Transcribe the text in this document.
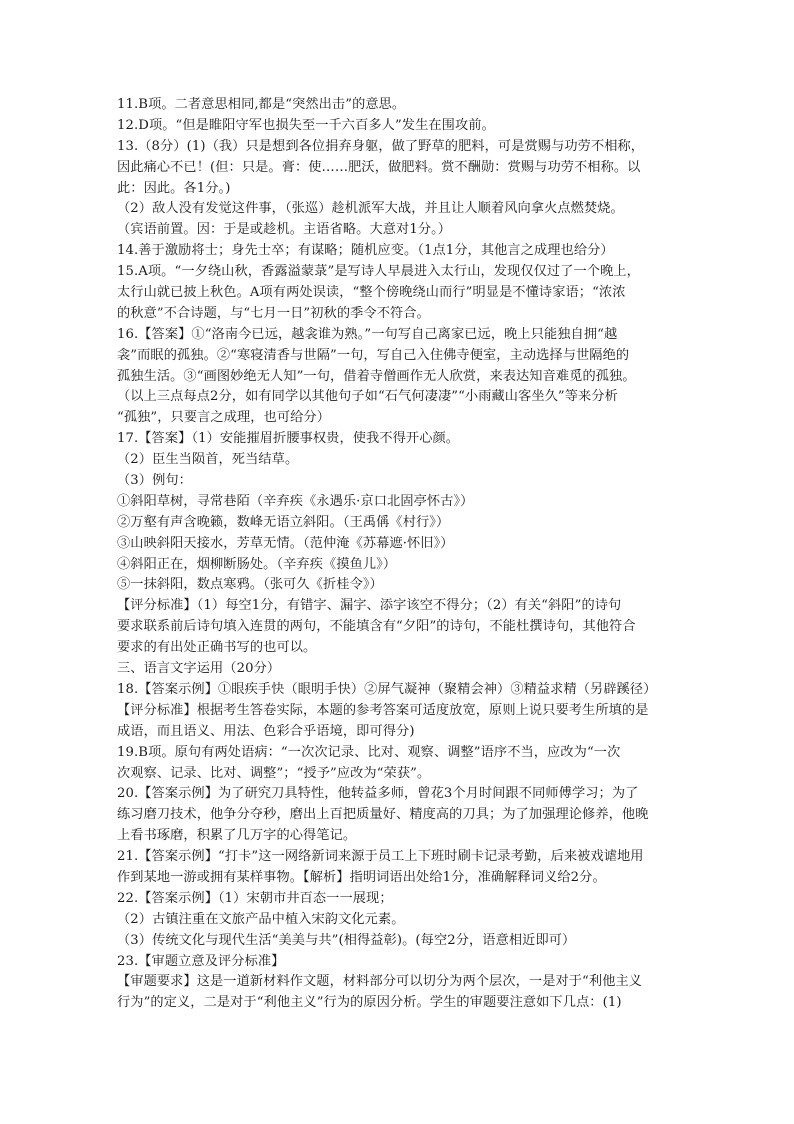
11.B项。二者意思相同,都是“突然出击”的意思。
12.D项。“但是睢阳守军也损失至一千六百多人”发生在围攻前。
13.（8分）(1)（我）只是想到各位捐弃身躯，做了野草的肥料，可是赏赐与功劳不相称，
因此痛心不已！(但：只是。膏：使……肥沃，做肥料。赏不酬勋：赏赐与功劳不相称。以
此：因此。各1分。)
（2）敌人没有发觉这件事，（张巡）趁机派军大战，并且让人顺着风向拿火点燃焚烧。
（宾语前置。因：于是或趁机。主语省略。大意对1分。）
14.善于激励将士；身先士卒；有谋略；随机应变。（1点1分，其他言之成理也给分）
15.A项。“一夕绕山秋，香露溢蒙菉”是写诗人早晨进入太行山，发现仅仅过了一个晚上，
太行山就已披上秋色。A项有两处误读，“整个傍晚绕山而行”明显是不懂诗家语；“浓浓
的秋意”不合诗题，与“七月一日”初秋的季令不符合。
16.【答案】①“洛南今已远，越衾谁为熟。”一句写自己离家已远，晚上只能独自拥“越
衾”而眠的孤独。②“寒寝清香与世隔”一句，写自己入住佛寺便室，主动选择与世隔绝的
孤独生活。③“画图妙绝无人知”一句，借着寺僧画作无人欣赏，来表达知音难觅的孤独。
（以上三点每点2分，如有同学以其他句子如“石气何凄凄”“小雨藏山客坐久”等来分析
“孤独”，只要言之成理，也可给分）
17.【答案】（1）安能摧眉折腰事权贵，使我不得开心颜。
（2）臣生当陨首，死当结草。
（3）例句：
①斜阳草树，寻常巷陌（辛弃疾《永遇乐·京口北固亭怀古》）
②万壑有声含晚籁，数峰无语立斜阳。（王禹偁《村行》）
③山映斜阳天接水，芳草无情。（范仲淹《苏幕遮·怀旧》）
④斜阳正在，烟柳断肠处。（辛弃疾《摸鱼儿》）
⑤一抹斜阳，数点寒鸦。（张可久《折桂令》）
【评分标准】（1）每空1分，有错字、漏字、添字该空不得分；（2）有关“斜阳”的诗句
要求联系前后诗句填入连贯的两句，不能填含有“夕阳”的诗句，不能杜撰诗句，其他符合
要求的有出处正确书写的也可以。
三、语言文字运用（20分）
18.【答案示例】①眼疾手快（眼明手快）②屏气凝神（聚精会神）③精益求精（另辟蹊径）
【评分标准】根据考生答卷实际，本题的参考答案可适度放宽，原则上说只要考生所填的是
成语，而且语义、用法、色彩合乎语境，即可得分)
19.B项。原句有两处语病：“一次次记录、比对、观察、调整”语序不当，应改为“一次
次观察、记录、比对、调整”；“授予”应改为“荣获”。
20.【答案示例】为了研究刀具特性，他转益多师，曾花3个月时间跟不同师傅学习；为了
练习磨刀技术，他争分夺秒，磨出上百把质量好、精度高的刀具；为了加强理论修养，他晚
上看书琢磨，积累了几万字的心得笔记。
21.【答案示例】“打卡”这一网络新词来源于员工上下班时刷卡记录考勤，后来被戏谑地用
作到某地一游或拥有某样事物。【解析】指明词语出处给1分，准确解释词义给2分。
22.【答案示例】（1）宋朝市井百态一一展现；
（2）古镇注重在文旅产品中植入宋韵文化元素。
（3）传统文化与现代生活“美美与共”(相得益彰)。(每空2分，语意相近即可）
23.【审题立意及评分标准】
【审题要求】这是一道新材料作文题，材料部分可以切分为两个层次，一是对于“利他主义
行为”的定义，二是对于“利他主义”行为的原因分析。学生的审题要注意如下几点：(1)
